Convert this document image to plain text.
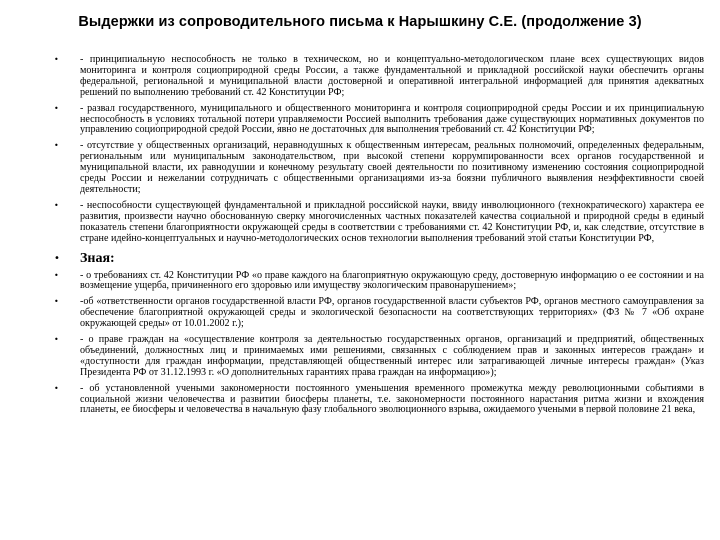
Выдержки из сопроводительного письма к Нарышкину С.Е. (продолжение 3)
• - принципиальную неспособность не только в техническом, но и концептуально-методологическом плане всех существующих видов мониторинга и контроля социоприродной среды России, а также фундаментальной и прикладной российской науки обеспечить органы федеральной, региональной и муниципальной власти достоверной и оперативной интегральной информацией для принятия адекватных решений по выполнению требований ст. 42 Конституции РФ;
• - развал государственного, муниципального и общественного мониторинга и контроля социоприродной среды России и их принципиальную неспособность в условиях тотальной потери управляемости Россией выполнить требования даже существующих нормативных документов по управлению социоприродной средой России, явно не достаточных для выполнения требований ст. 42 Конституции РФ;
• - отсутствие у общественных организаций, неравнодушных к общественным интересам, реальных полномочий, определенных федеральным, региональным или муниципальным законодательством, при высокой степени коррумпированности всех органов государственной и муниципальной власти, их равнодушии и конечному результату своей деятельности по позитивному изменению состояния социоприродной среды России и нежелании сотрудничать с общественными организациями из-за боязни публичного выявления неэффективности своей деятельности;
• - неспособности существующей фундаментальной и прикладной российской науки, ввиду инволюционного (технократического) характера ее развития, произвести научно обоснованную сверку многочисленных частных показателей качества социальной и природной среды в единый показатель степени благоприятности окружающей среды в соответствии с требованиями ст. 42 Конституции РФ, и, как следствие, отсутствие в стране идейно-концептуальных и научно-методологических основ технологии выполнения требований этой статьи Конституции РФ,
• Зная:
• - о требованиях ст. 42 Конституции РФ «о праве каждого на благоприятную окружающую среду, достоверную информацию о ее состоянии и на возмещение ущерба, причиненного его здоровью или имуществу экологическим правонарушением»;
• -об «ответственности органов государственной власти РФ, органов государственной власти субъектов РФ, органов местного самоуправления за обеспечение благоприятной окружающей среды и экологической безопасности на соответствующих территориях» (ФЗ № 7 «Об охране окружающей среды» от 10.01.2002 г.);
• - о праве граждан на «осуществление контроля за деятельностью государственных органов, организаций и предприятий, общественных объединений, должностных лиц и принимаемых ими решениями, связанных с соблюдением прав и законных интересов граждан» и «доступности для граждан информации, представляющей общественный интерес или затрагивающей личные интересы граждан» (Указ Президента РФ от 31.12.1993 г. «О дополнительных гарантиях права граждан на информацию»);
• - об установленной учеными закономерности постоянного уменьшения временного промежутка между революционными событиями в социальной жизни человечества и развитии биосферы планеты, т.е. закономерности постоянного нарастания ритма жизни и вхождения планеты, ее биосферы и человечества в начальную фазу глобального эволюционного взрыва, ожидаемого учеными в первой половине 21 века,
